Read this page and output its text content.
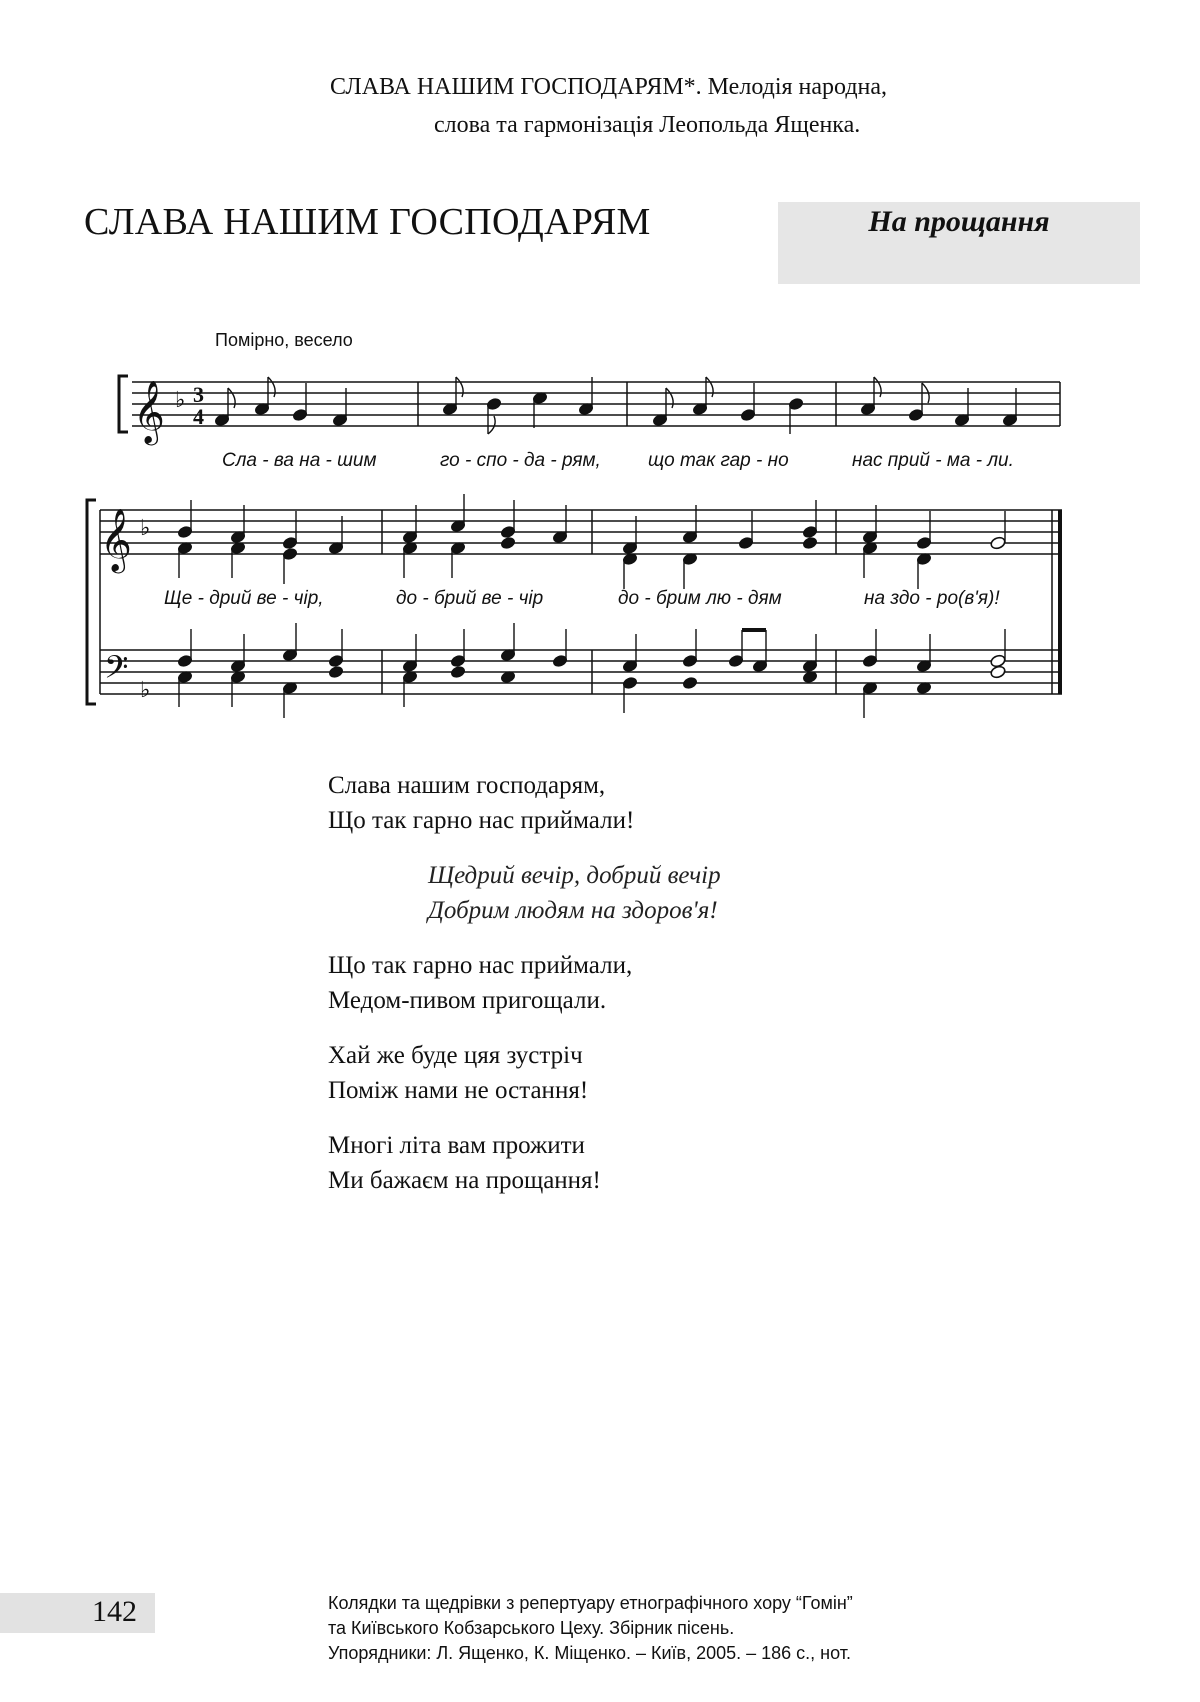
СЛАВА НАШИМ ГОСПОДАРЯМ*. Мелодія народна,
слова та гармонізація Леопольда Ященка.
СЛАВА НАШИМ ГОСПОДАРЯМ	На прощання
Помірно, весело
𝄞 ♭ 3
4
𝄞
𝄢
♭
♭
Сла - ва на - шим	го - спо - да - рям, що так гар - но	нас прий - ма - ли.
Ще - дрий ве - чір,	до - брий ве - чір	до - брим лю - дям	на здо - ро(в'я)!
Слава нашим господарям,
Що так гарно нас приймали!
Щедрий вечір, добрий вечір
Добрим людям на здоров'я!
Що так гарно нас приймали,
Медом-пивом пригощали.
Хай же буде цяя зустріч
Поміж нами не остання!
Многі літа вам прожити
Ми бажаєм на прощання!
142	Колядки та щедрівки з репертуару етнографічного хору “Гомін”
та Київського Кобзарського Цеху. Збірник пісень.
Упорядники: Л. Ященко, К. Міщенко. – Київ, 2005. – 186 с., нот.
